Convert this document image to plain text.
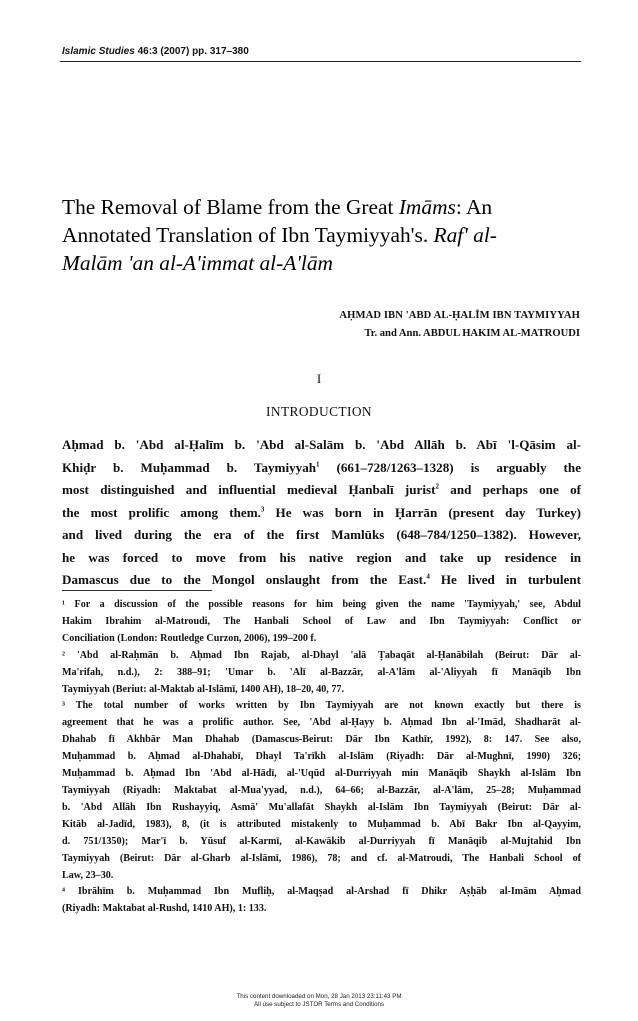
Islamic Studies 46:3 (2007) pp. 317–380
The Removal of Blame from the Great Imāms: An
Annotated Translation of Ibn Taymiyyah's. Raf' al-
Malām 'an al-A'immat al-A'lām
AḤMAD IBN 'ABD AL-ḤALĪM IBN TAYMIYYAH
Tr. and Ann. ABDUL HAKIM AL-MATROUDI
I
INTRODUCTION
Aḥmad b. 'Abd al-Ḥalīm b. 'Abd al-Salām b. 'Abd Allāh b. Abī 'l-Qāsim al-
Khiḍr b. Muḥammad b. Taymiyyah$^1$ (661–728/1263–1328) is arguably the
most distinguished and influential medieval Ḥanbalī jurist$^2$ and perhaps one of
the most prolific among them.$^3$ He was born in Ḥarrān (present day Turkey)
and lived during the era of the first Mamlūks (648–784/1250–1382). However,
he was forced to move from his native region and take up residence in
Damascus due to the Mongol onslaught from the East.$^4$ He lived in turbulent
¹ For a discussion of the possible reasons for him being given the name 'Taymiyyah,' see, Abdul
Hakim Ibrahim al-Matroudi, The Hanbali School of Law and Ibn Taymiyyah: Conflict or
Conciliation (London: Routledge Curzon, 2006), 199–200 f.
² 'Abd al-Raḥmān b. Aḥmad Ibn Rajab, al-Dhayl 'alā Ṭabaqāt al-Ḥanābilah (Beirut: Dār al-
Ma'rifah, n.d.), 2: 388–91; 'Umar b. 'Alī al-Bazzār, al-A'lām al-'Aliyyah fī Manāqib Ibn
Taymiyyah (Beriut: al-Maktab al-Islāmī, 1400 AH), 18–20, 40, 77.
³ The total number of works written by Ibn Taymiyyah are not known exactly but there is
agreement that he was a prolific author. See, 'Abd al-Ḥayy b. Aḥmad Ibn al-'Imād, Shadharāt al-
Dhahab fī Akhbār Man Dhahab (Damascus-Beirut: Dār Ibn Kathīr, 1992), 8: 147. See also,
Muḥammad b. Aḥmad al-Dhahabī, Dhayl Ta'rīkh al-Islām (Riyadh: Dār al-Mughnī, 1990) 326;
Muḥammad b. Aḥmad Ibn 'Abd al-Hādī, al-'Uqūd al-Durriyyah min Manāqib Shaykh al-Islām Ibn
Taymiyyah (Riyadh: Maktabat al-Mua'yyad, n.d.), 64–66; al-Bazzār, al-A'lām, 25–28; Muḥammad
b. 'Abd Allāh Ibn Rushayyiq, Asmā' Mu'allafāt Shaykh al-Islām Ibn Taymiyyah (Beirut: Dār al-
Kitāb al-Jadīd, 1983), 8, (it is attributed mistakenly to Muḥammad b. Abī Bakr Ibn al-Qayyim,
d. 751/1350); Mar'ī b. Yūsuf al-Karmī, al-Kawākib al-Durriyyah fī Manāqib al-Mujtahid Ibn
Taymiyyah (Beirut: Dār al-Gharb al-Islāmī, 1986), 78; and cf. al-Matroudi, The Hanbali School of
Law, 23–30.
⁴ Ibrāhīm b. Muḥammad Ibn Mufliḥ, al-Maqṣad al-Arshad fī Dhikr Aṣḥāb al-Imām Aḥmad
(Riyadh: Maktabat al-Rushd, 1410 AH), 1: 133.
This content downloaded on Mon, 28 Jan 2013 23:11:43 PM
All use subject to JSTOR Terms and Conditions
